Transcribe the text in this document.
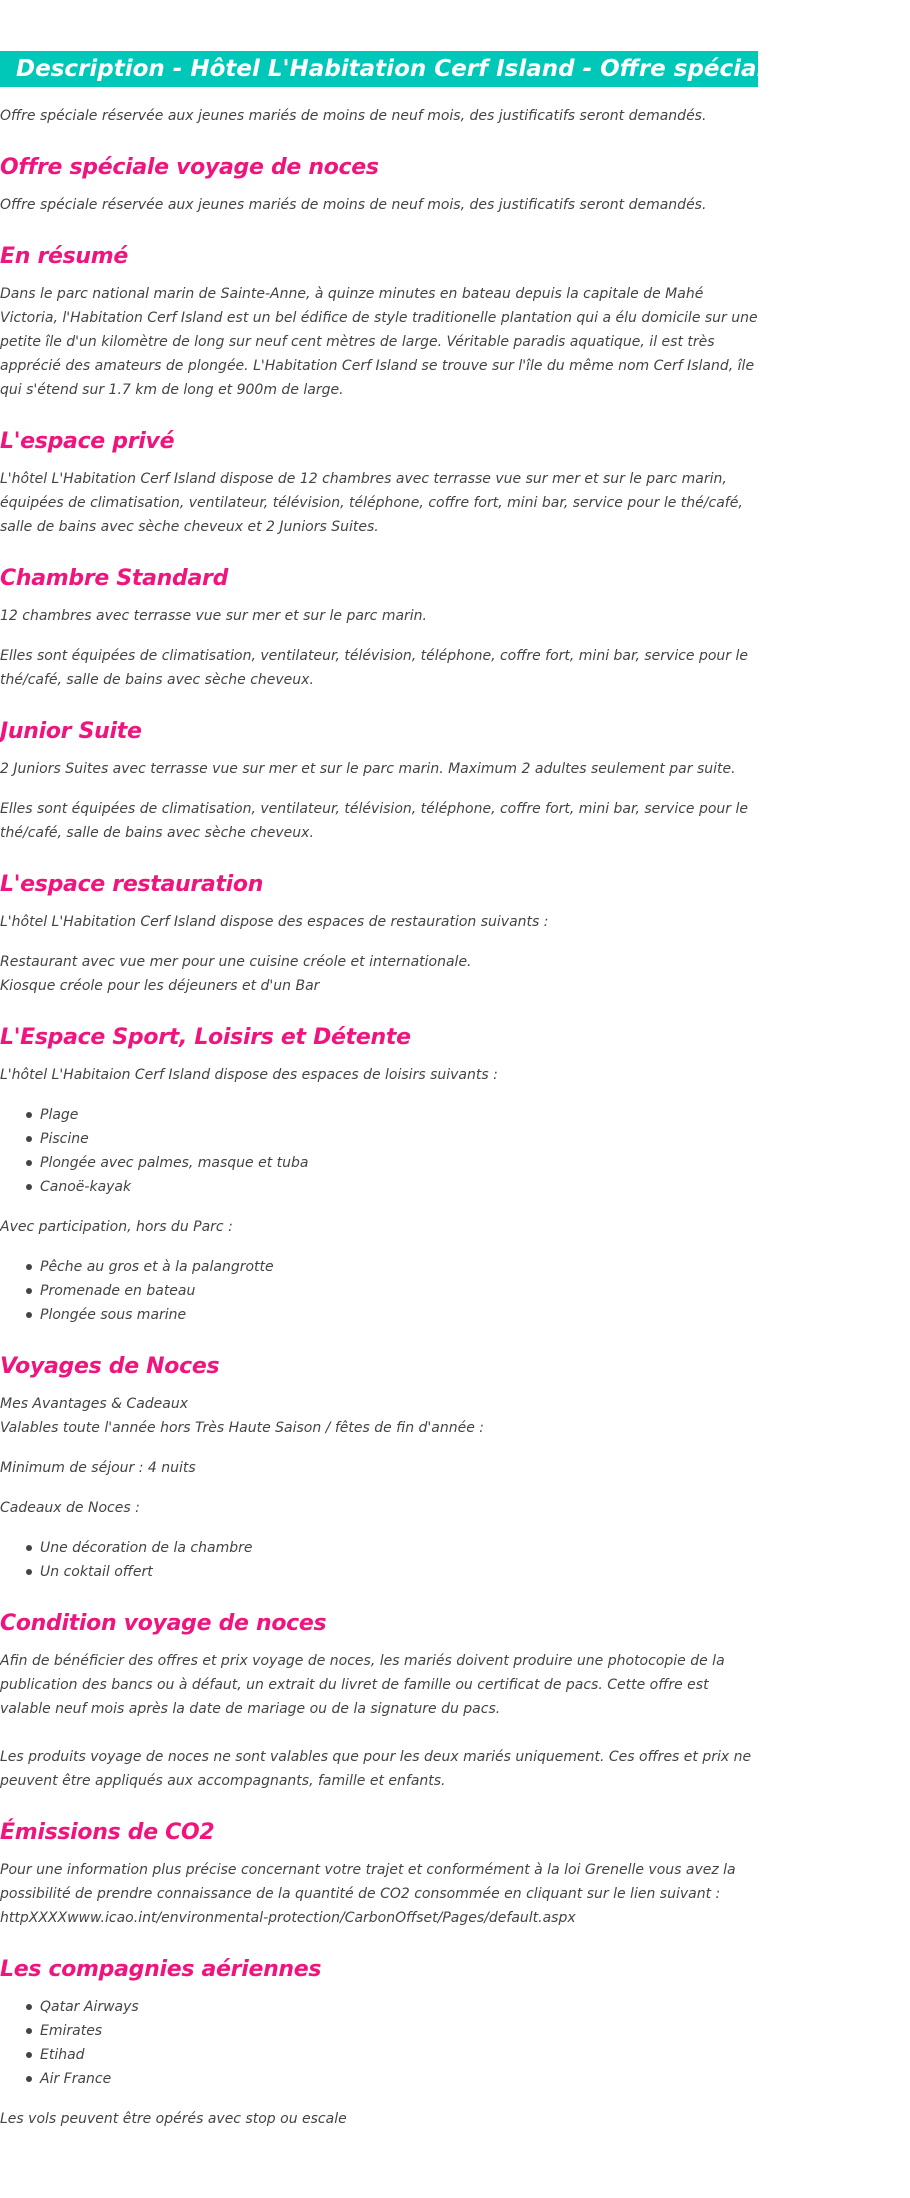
Description - Hôtel L'Habitation Cerf Island - Offre spéciale Noces ***

Offre spéciale réservée aux jeunes mariés de moins de neuf mois, des justificatifs seront demandés.

Offre spéciale voyage de noces

Offre spéciale réservée aux jeunes mariés de moins de neuf mois, des justificatifs seront demandés.

En résumé

Dans le parc national marin de Sainte-Anne, à quinze minutes en bateau depuis la capitale de Mahé Victoria, l'Habitation Cerf Island est un bel édifice de style traditionelle plantation qui a élu domicile sur une petite île d'un kilomètre de long sur neuf cent mètres de large. Véritable paradis aquatique, il est très apprécié des amateurs de plongée. L'Habitation Cerf Island se trouve sur l'île du même nom Cerf Island, île qui s'étend sur 1.7 km de long et 900m de large.

L'espace privé

L'hôtel L'Habitation Cerf Island dispose de 12 chambres avec terrasse vue sur mer et sur le parc marin, équipées de climatisation, ventilateur, télévision, téléphone, coffre fort, mini bar, service pour le thé/café, salle de bains avec sèche cheveux et 2 Juniors Suites.

Chambre Standard

12 chambres avec terrasse vue sur mer et sur le parc marin.

Elles sont équipées de climatisation, ventilateur, télévision, téléphone, coffre fort, mini bar, service pour le thé/café, salle de bains avec sèche cheveux.

Junior Suite

2 Juniors Suites avec terrasse vue sur mer et sur le parc marin. Maximum 2 adultes seulement par suite.

Elles sont équipées de climatisation, ventilateur, télévision, téléphone, coffre fort, mini bar, service pour le thé/café, salle de bains avec sèche cheveux.

L'espace restauration

L'hôtel L'Habitation Cerf Island dispose des espaces de restauration suivants :

Restaurant avec vue mer pour une cuisine créole et internationale.

Kiosque créole pour les déjeuners et d'un Bar

L'Espace Sport, Loisirs et Détente

L'hôtel L'Habitaion Cerf Island dispose des espaces de loisirs suivants :

Plage
Piscine
Plongée avec palmes, masque et tuba
Canoë-kayak

Avec participation, hors du Parc :

Pêche au gros et à la palangrotte
Promenade en bateau
Plongée sous marine
Voyages de Noces

Mes Avantages & Cadeaux

Valables toute l'année hors Très Haute Saison / fêtes de fin d'année :

Minimum de séjour : 4 nuits

Cadeaux de Noces :

Une décoration de la chambre
Un coktail offert
Condition voyage de noces

Afin de bénéficier des offres et prix voyage de noces, les mariés doivent produire une photocopie de la publication des bancs ou à défaut, un extrait du livret de famille ou certificat de pacs. Cette offre est valable neuf mois après la date de mariage ou de la signature du pacs.

Les produits voyage de noces ne sont valables que pour les deux mariés uniquement. Ces offres et prix ne peuvent être appliqués aux accompagnants, famille et enfants.

Émissions de CO2

Pour une information plus précise concernant votre trajet et conformément à la loi Grenelle vous avez la possibilité de prendre connaissance de la quantité de CO2 consommée en cliquant sur le lien suivant :

httpXXXXwww.icao.int/environmental-protection/CarbonOffset/Pages/default.aspx

Les compagnies aériennes
Qatar Airways
Emirates
Etihad
Air France

Les vols peuvent être opérés avec stop ou escale
